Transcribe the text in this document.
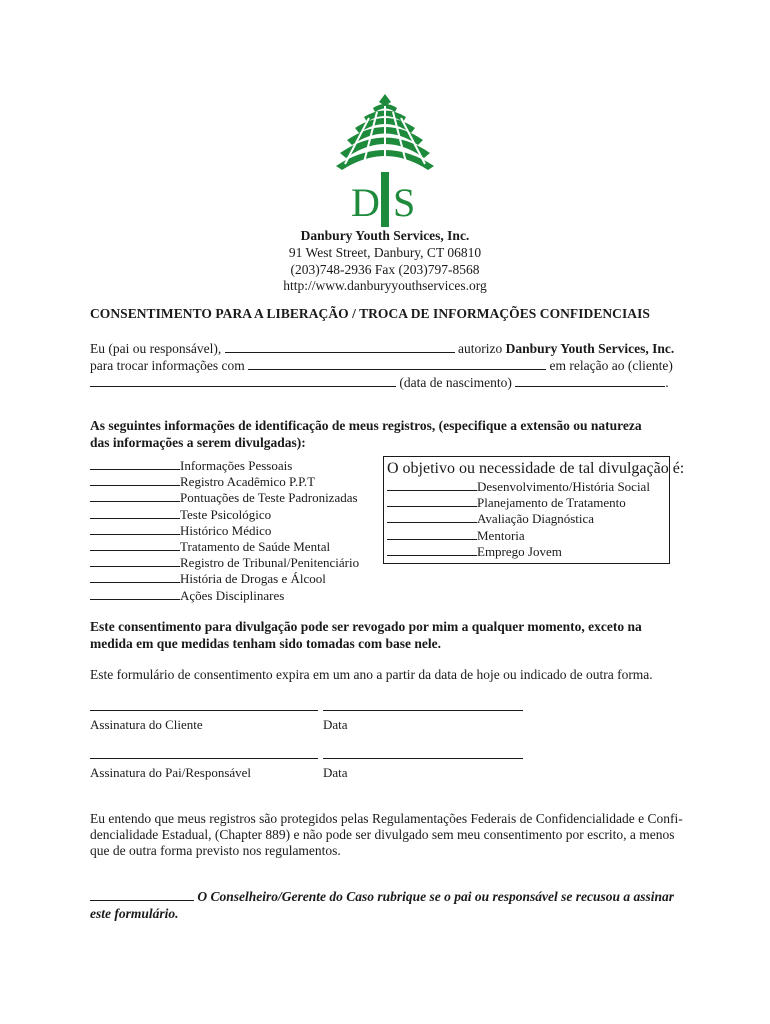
D S
Danbury Youth Services, Inc.
91 West Street, Danbury, CT 06810
(203)748-2936 Fax (203)797-8568
http://www.danburyyouthservices.org
CONSENTIMENTO PARA A LIBERAÇÃO / TROCA DE INFORMAÇÕES CONFIDENCIAIS
Eu (pai ou responsável),	autorizo Danbury Youth Services, Inc.
para trocar informações com	em relação ao (cliente)
(data de nascimento)	.
As seguintes informações de identificação de meus registros, (especifique a extensão ou natureza
das informações a serem divulgadas):
Informações Pessoais
Registro Acadêmico P.P.T
Pontuações de Teste Padronizadas
Teste Psicológico
Histórico Médico
Tratamento de Saúde Mental
Registro de Tribunal/Penitenciário
História de Drogas e Álcool
Ações Disciplinares
O objetivo ou necessidade de tal divulgação é:
Desenvolvimento/História Social
Planejamento de Tratamento
Avaliação Diagnóstica
Mentoria
Emprego Jovem
Este consentimento para divulgação pode ser revogado por mim a qualquer momento, exceto na
medida em que medidas tenham sido tomadas com base nele.
Este formulário de consentimento expira em um ano a partir da data de hoje ou indicado de outra forma.
Assinatura do Cliente	Data
Assinatura do Pai/Responsável	Data
Eu entendo que meus registros são protegidos pelas Regulamentações Federais de Confidencialidade e Confi-
dencialidade Estadual, (Chapter 889) e não pode ser divulgado sem meu consentimento por escrito, a menos
que de outra forma previsto nos regulamentos.
O Conselheiro/Gerente do Caso rubrique se o pai ou responsável se recusou a assinar
este formulário.
